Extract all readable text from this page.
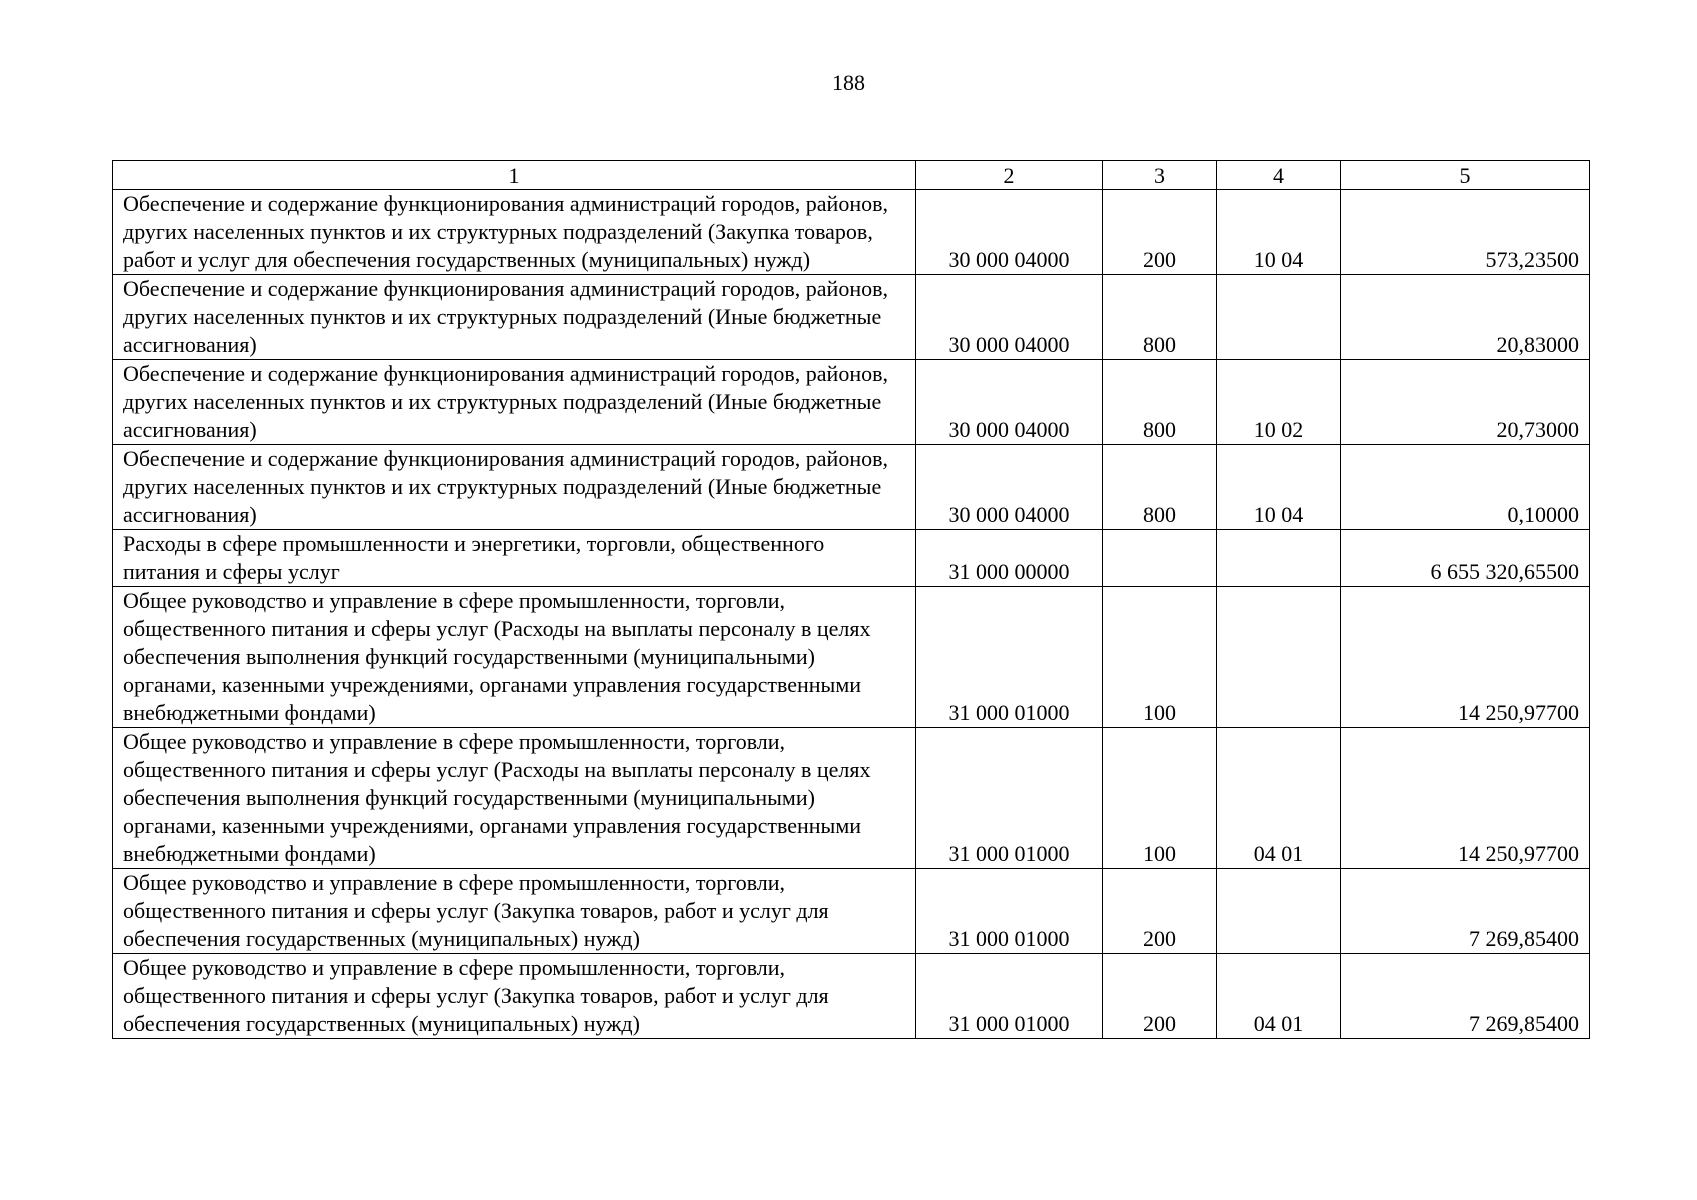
188
1	2	3	4	5
Обеспечение и содержание функционирования администраций городов, районов, других населенных пунктов и их структурных подразделений (Закупка товаров, работ и услуг для обеспечения государственных (муниципальных) нужд)	30 000 04000	200	10 04	573,23500
Обеспечение и содержание функционирования администраций городов, районов, других населенных пунктов и их структурных подразделений (Иные бюджетные ассигнования)	30 000 04000	800		20,83000
Обеспечение и содержание функционирования администраций городов, районов, других населенных пунктов и их структурных подразделений (Иные бюджетные ассигнования)	30 000 04000	800	10 02	20,73000
Обеспечение и содержание функционирования администраций городов, районов, других населенных пунктов и их структурных подразделений (Иные бюджетные ассигнования)	30 000 04000	800	10 04	0,10000
Расходы в сфере промышленности и энергетики, торговли, общественного питания и сферы услуг	31 000 00000			6 655 320,65500
Общее руководство и управление в сфере промышленности, торговли, общественного питания и сферы услуг (Расходы на выплаты персоналу в целях обеспечения выполнения функций государственными (муниципальными) органами, казенными учреждениями, органами управления государственными внебюджетными фондами)	31 000 01000	100		14 250,97700
Общее руководство и управление в сфере промышленности, торговли, общественного питания и сферы услуг (Расходы на выплаты персоналу в целях обеспечения выполнения функций государственными (муниципальными) органами, казенными учреждениями, органами управления государственными внебюджетными фондами)	31 000 01000	100	04 01	14 250,97700
Общее руководство и управление в сфере промышленности, торговли, общественного питания и сферы услуг (Закупка товаров, работ и услуг для обеспечения государственных (муниципальных) нужд)	31 000 01000	200		7 269,85400
Общее руководство и управление в сфере промышленности, торговли, общественного питания и сферы услуг (Закупка товаров, работ и услуг для обеспечения государственных (муниципальных) нужд)	31 000 01000	200	04 01	7 269,85400
